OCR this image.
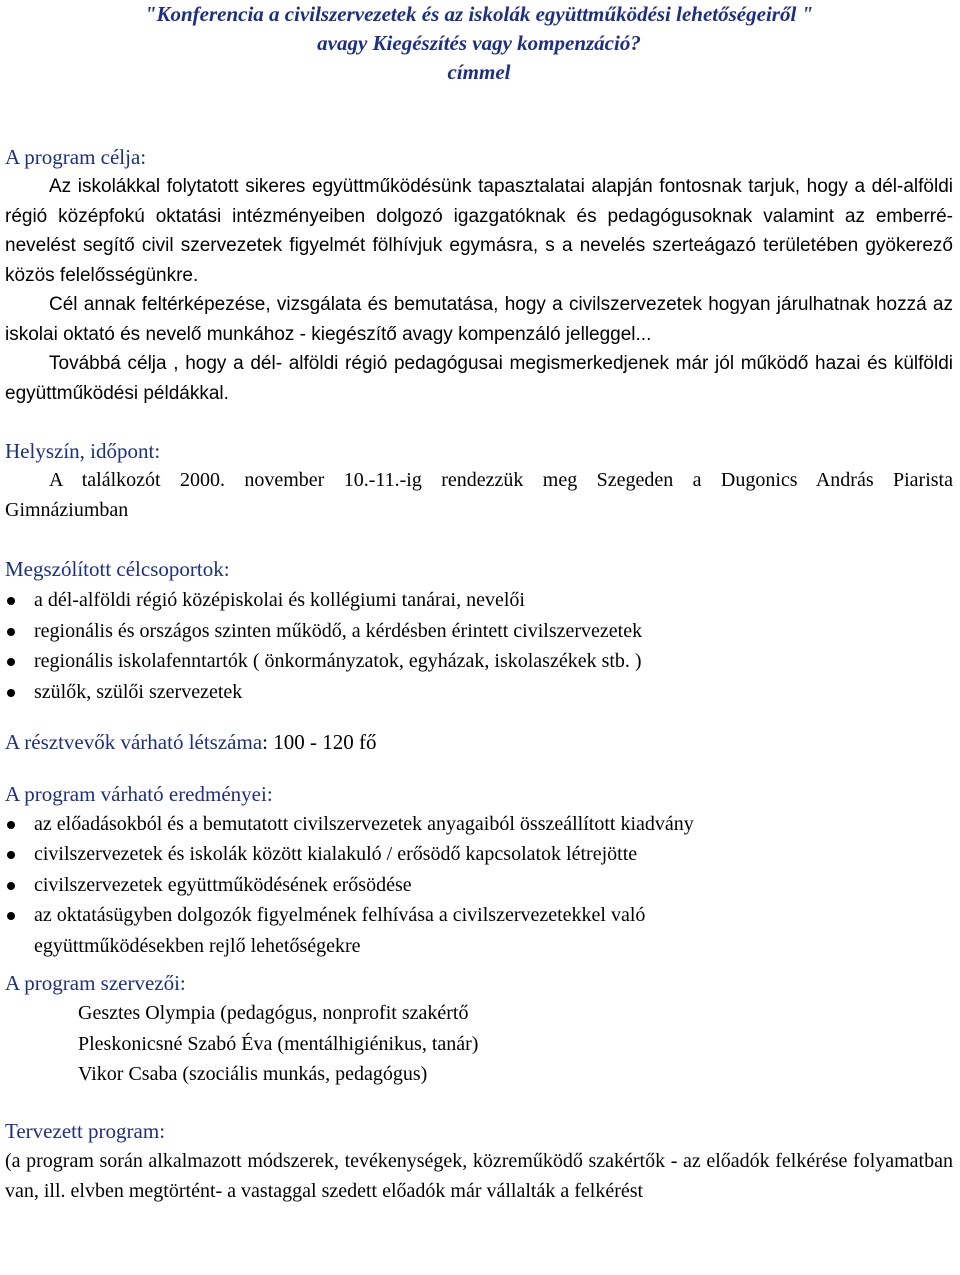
"Konferencia a civilszervezetek és az iskolák együttműködési lehetőségeiről "

avagy Kiegészítés vagy kompenzáció?

címmel

A program célja:

Az iskolákkal folytatott sikeres együttműködésünk tapasztalatai alapján fontosnak tarjuk, hogy a dél-alföldi régió középfokú oktatási intézményeiben dolgozó igazgatóknak és pedagógusoknak valamint az emberré-nevelést segítő civil szervezetek figyelmét fölhívjuk egymásra, s a nevelés szerteágazó területében gyökerező közös felelősségünkre.

Cél annak feltérképezése, vizsgálata és bemutatása, hogy a civilszervezetek hogyan járulhatnak hozzá az iskolai oktató és nevelő munkához - kiegészítő avagy kompenzáló jelleggel...

Továbbá célja , hogy a dél- alföldi régió pedagógusai megismerkedjenek már jól működő hazai és külföldi együttműködési példákkal.

Helyszín, időpont:

A találkozót 2000. november 10.-11.-ig rendezzük meg Szegeden a Dugonics András Piarista Gimnáziumban

Megszólított célcsoportok:

a dél-alföldi régió középiskolai és kollégiumi tanárai, nevelői
regionális és országos szinten működő, a kérdésben érintett civilszervezetek
regionális iskolafenntartók ( önkormányzatok, egyházak, iskolaszékek stb. )
szülők, szülői szervezetek

A résztvevők várható létszáma: 100 - 120 fő

A program várható eredményei:

az előadásokból és a bemutatott civilszervezetek anyagaiból összeállított kiadvány
civilszervezetek és iskolák között kialakuló / erősödő kapcsolatok létrejötte
civilszervezetek együttműködésének erősödése
az oktatásügyben dolgozók figyelmének felhívása a civilszervezetekkel való együttműködésekben rejlő lehetőségekre

A program szervezői:

Gesztes Olympia (pedagógus, nonprofit szakértő

Pleskonicsné Szabó Éva (mentálhigiénikus, tanár)

Vikor Csaba (szociális munkás, pedagógus)

Tervezett program:

(a program során alkalmazott módszerek, tevékenységek, közreműködő szakértők - az előadók felkérése folyamatban van, ill. elvben megtörtént- a vastaggal szedett előadók már vállalták a felkérést
